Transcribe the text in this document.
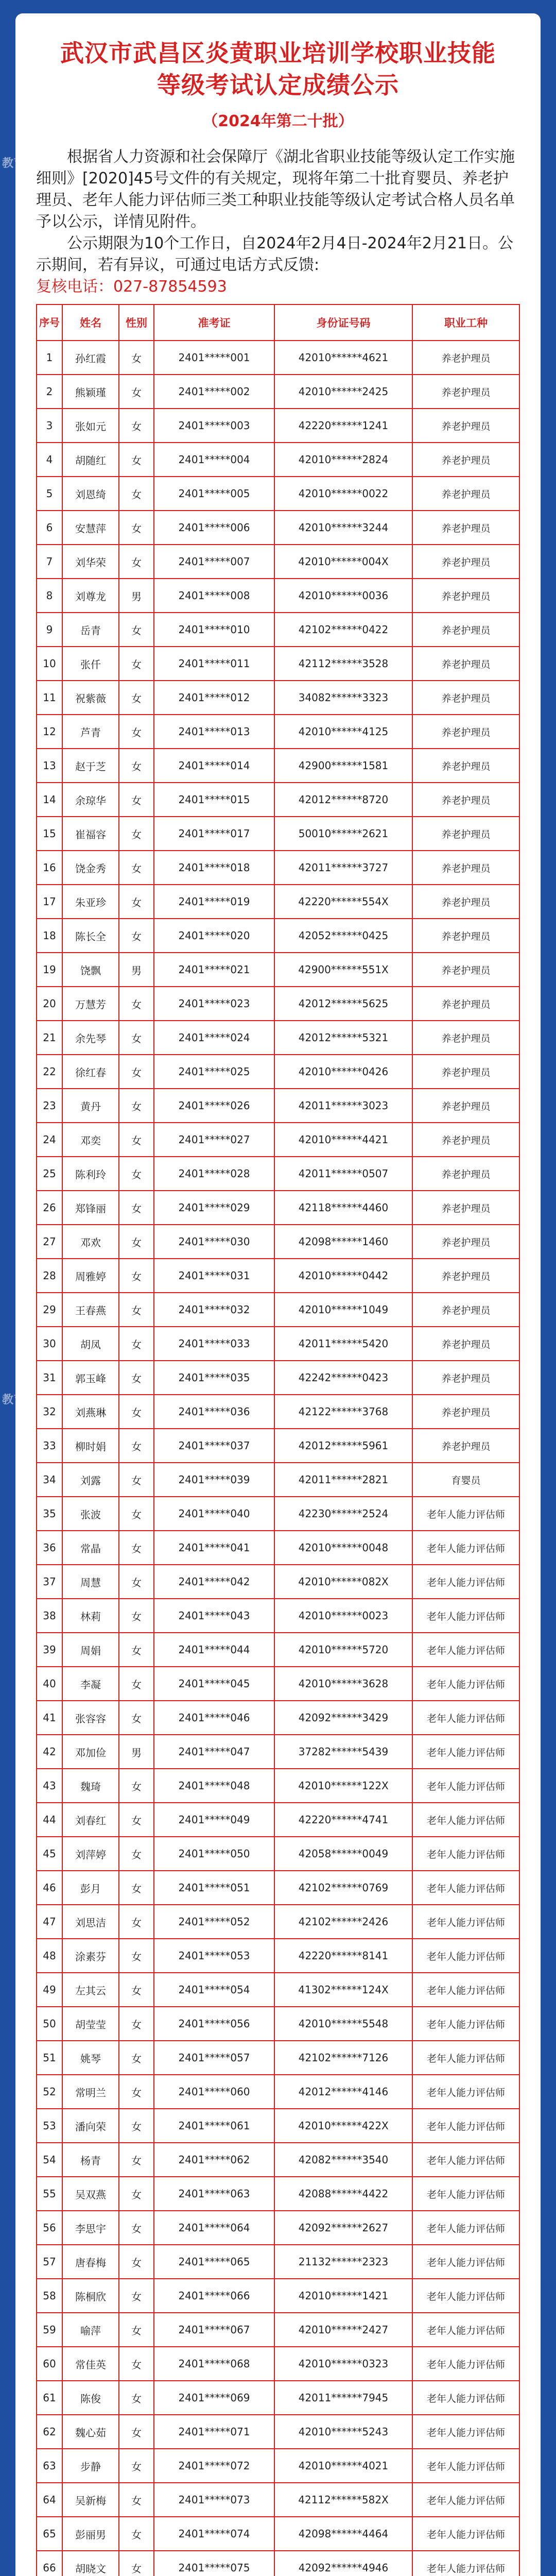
武汉市武昌区炎黄职业培训学校职业技能
等级考试认定成绩公示
（2024年第二十批）

根据省人力资源和社会保障厅《湖北省职业技能等级认定工作实施细则》[2020]45号文件的有关规定，现将年第二十批育婴员、养老护理员、老年人能力评估师三类工种职业技能等级认定考试合格人员名单予以公示，详情见附件。

公示期限为10个工作日，自2024年2月4日-2024年2月21日。公示期间，若有异议，可通过电话方式反馈:

复核电话：027-87854593

序号	姓名	性别	准考证	身份证号码	职业工种
1	孙红霞	女	2401*****001	42010******4621	养老护理员
2	熊颖瑾	女	2401*****002	42010******2425	养老护理员
3	张如元	女	2401*****003	42220******1241	养老护理员
4	胡随红	女	2401*****004	42010******2824	养老护理员
5	刘恩绮	女	2401*****005	42010******0022	养老护理员
6	安慧萍	女	2401*****006	42010******3244	养老护理员
7	刘华荣	女	2401*****007	42010******004X	养老护理员
8	刘尊龙	男	2401*****008	42010******0036	养老护理员
9	岳青	女	2401*****010	42102******0422	养老护理员
10	张仟	女	2401*****011	42112******3528	养老护理员
11	祝紫薇	女	2401*****012	34082******3323	养老护理员
12	芦青	女	2401*****013	42010******4125	养老护理员
13	赵于芝	女	2401*****014	42900******1581	养老护理员
14	余琼华	女	2401*****015	42012******8720	养老护理员
15	崔福容	女	2401*****017	50010******2621	养老护理员
16	饶金秀	女	2401*****018	42011******3727	养老护理员
17	朱亚珍	女	2401*****019	42220******554X	养老护理员
18	陈长全	女	2401*****020	42052******0425	养老护理员
19	饶飘	男	2401*****021	42900******551X	养老护理员
20	万慧芳	女	2401*****023	42012******5625	养老护理员
21	余先琴	女	2401*****024	42012******5321	养老护理员
22	徐红春	女	2401*****025	42010******0426	养老护理员
23	黄丹	女	2401*****026	42011******3023	养老护理员
24	邓奕	女	2401*****027	42010******4421	养老护理员
25	陈利玲	女	2401*****028	42011******0507	养老护理员
26	郑锋丽	女	2401*****029	42118******4460	养老护理员
27	邓欢	女	2401*****030	42098******1460	养老护理员
28	周雅婷	女	2401*****031	42010******0442	养老护理员
29	王春燕	女	2401*****032	42010******1049	养老护理员
30	胡凤	女	2401*****033	42011******5420	养老护理员
31	郭玉峰	女	2401*****035	42242******0423	养老护理员
32	刘燕琳	女	2401*****036	42122******3768	养老护理员
33	柳时娟	女	2401*****037	42012******5961	养老护理员
34	刘露	女	2401*****039	42011******2821	育婴员
35	张波	女	2401*****040	42230******2524	老年人能力评估师
36	常晶	女	2401*****041	42010******0048	老年人能力评估师
37	周慧	女	2401*****042	42010******082X	老年人能力评估师
38	林莉	女	2401*****043	42010******0023	老年人能力评估师
39	周娟	女	2401*****044	42010******5720	老年人能力评估师
40	李凝	女	2401*****045	42010******3628	老年人能力评估师
41	张容容	女	2401*****046	42092******3429	老年人能力评估师
42	邓加俭	男	2401*****047	37282******5439	老年人能力评估师
43	魏琦	女	2401*****048	42010******122X	老年人能力评估师
44	刘春红	女	2401*****049	42220******4741	老年人能力评估师
45	刘萍婷	女	2401*****050	42058******0049	老年人能力评估师
46	彭月	女	2401*****051	42102******0769	老年人能力评估师
47	刘思洁	女	2401*****052	42102******2426	老年人能力评估师
48	涂素芬	女	2401*****053	42220******8141	老年人能力评估师
49	左其云	女	2401*****054	41302******124X	老年人能力评估师
50	胡莹莹	女	2401*****056	42010******5548	老年人能力评估师
51	姚琴	女	2401*****057	42102******7126	老年人能力评估师
52	常明兰	女	2401*****060	42012******4146	老年人能力评估师
53	潘向荣	女	2401*****061	42010******422X	老年人能力评估师
54	杨青	女	2401*****062	42082******3540	老年人能力评估师
55	吴双燕	女	2401*****063	42088******4422	老年人能力评估师
56	李思宇	女	2401*****064	42092******2627	老年人能力评估师
57	唐春梅	女	2401*****065	21132******2323	老年人能力评估师
58	陈桐欣	女	2401*****066	42010******1421	老年人能力评估师
59	喻萍	女	2401*****067	42010******2427	老年人能力评估师
60	常佳英	女	2401*****068	42010******0323	老年人能力评估师
61	陈俊	女	2401*****069	42011******7945	老年人能力评估师
62	魏心茹	女	2401*****071	42010******5243	老年人能力评估师
63	步静	女	2401*****072	42010******4021	老年人能力评估师
64	吴新梅	女	2401*****073	42112******582X	老年人能力评估师
65	彭丽男	女	2401*****074	42098******4464	老年人能力评估师
66	胡晓文	女	2401*****075	42092******4946	老年人能力评估师

教育宝
教育宝
